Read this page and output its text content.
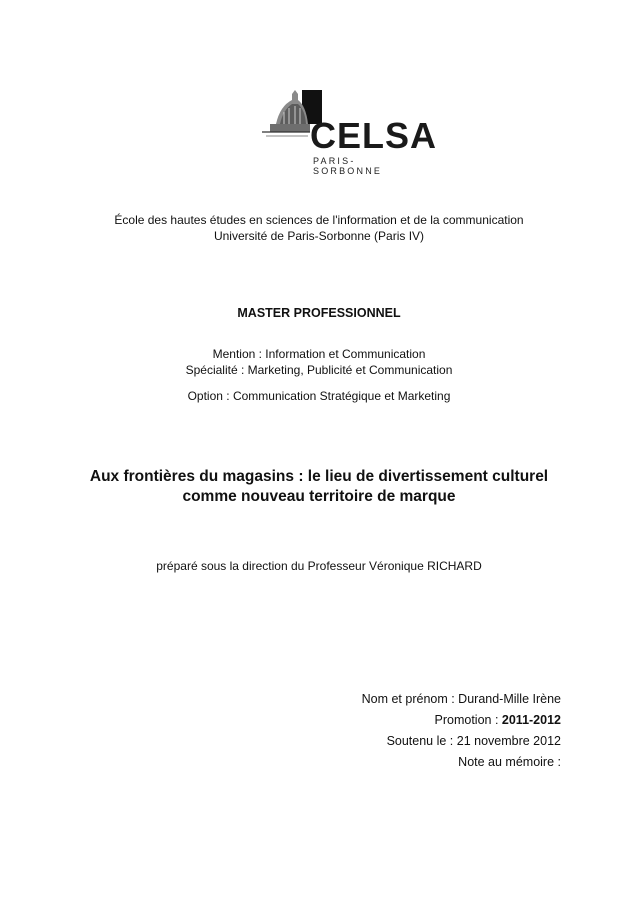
CELSA
PARIS-SORBONNE
École des hautes études en sciences de l'information et de la communication
Université de Paris-Sorbonne (Paris IV)
MASTER PROFESSIONNEL
Mention : Information et Communication
Spécialité : Marketing, Publicité et Communication
Option : Communication Stratégique et Marketing
Aux frontières du magasins : le lieu de divertissement culturel
comme nouveau territoire de marque
préparé sous la direction du Professeur Véronique RICHARD
Nom et prénom : Durand-Mille Irène
Promotion : 2011-2012
Soutenu le : 21 novembre 2012
Note au mémoire :
